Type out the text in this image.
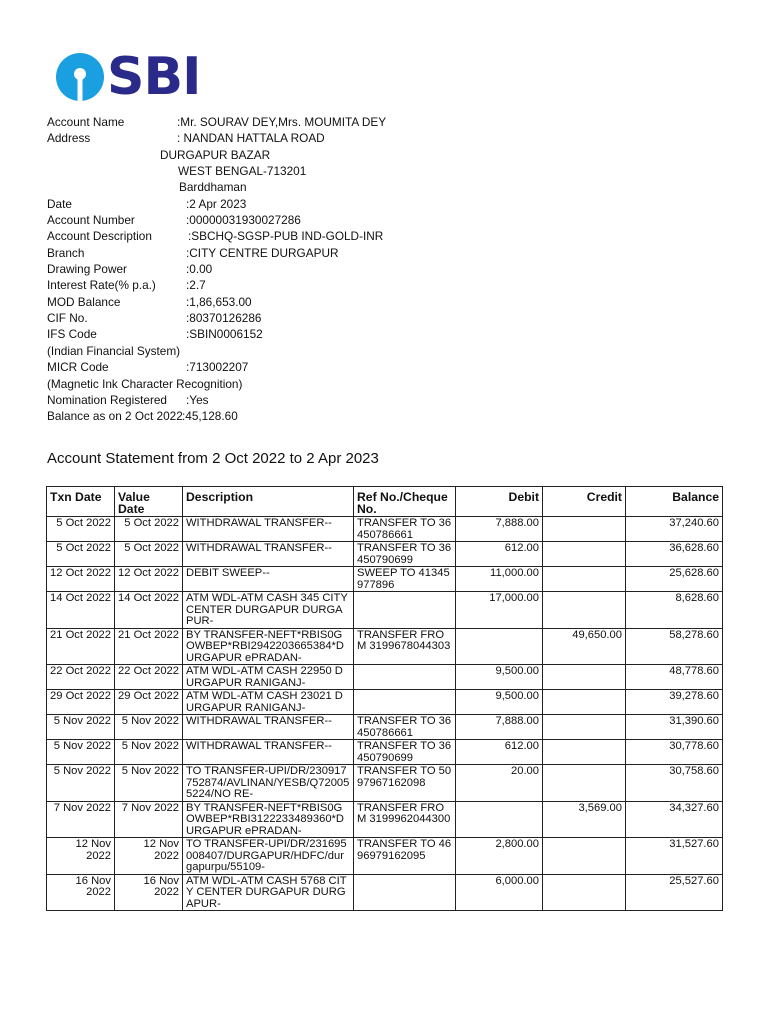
SBI
Account Name	:Mr. SOURAV DEY,Mrs. MOUMITA DEY
Address	: NANDAN HATTALA ROAD
DURGAPUR BAZAR
WEST BENGAL-713201
Barddhaman
Date	:2 Apr 2023
Account Number	:00000031930027286
Account Description	:SBCHQ-SGSP-PUB IND-GOLD-INR
Branch	:CITY CENTRE DURGAPUR
Drawing Power	:0.00
Interest Rate(% p.a.)	:2.7
MOD Balance	:1,86,653.00
CIF No.	:80370126286
IFS Code	:SBIN0006152
(Indian Financial System)
MICR Code	:713002207
(Magnetic Ink Character Recognition)
Nomination Registered :Yes
Balance as on 2 Oct 2022 :45,128.60
Account Statement from 2 Oct 2022 to 2 Apr 2023
Txn Date	Value Date	Description	Ref No./Cheque No.	Debit	Credit	Balance
5 Oct 2022	5 Oct 2022	WITHDRAWAL TRANSFER--	TRANSFER TO 36450786661	7,888.00		37,240.60
5 Oct 2022	5 Oct 2022	WITHDRAWAL TRANSFER--	TRANSFER TO 36450790699	612.00		36,628.60
12 Oct 2022	12 Oct 2022	DEBIT SWEEP--	SWEEP TO 41345977896	11,000.00		25,628.60
14 Oct 2022	14 Oct 2022	ATM WDL-ATM CASH 345 CITY CENTER DURGAPUR DURGAPUR-		17,000.00		8,628.60
21 Oct 2022	21 Oct 2022	BY TRANSFER-NEFT*RBIS0GOWBEP*RBI2942203665384*DURGAPUR ePRADAN-	TRANSFER FROM 3199678044303		49,650.00	58,278.60
22 Oct 2022	22 Oct 2022	ATM WDL-ATM CASH 22950 DURGAPUR RANIGANJ-		9,500.00		48,778.60
29 Oct 2022	29 Oct 2022	ATM WDL-ATM CASH 23021 DURGAPUR RANIGANJ-		9,500.00		39,278.60
5 Nov 2022	5 Nov 2022	WITHDRAWAL TRANSFER--	TRANSFER TO 36450786661	7,888.00		31,390.60
5 Nov 2022	5 Nov 2022	WITHDRAWAL TRANSFER--	TRANSFER TO 36450790699	612.00		30,778.60
5 Nov 2022	5 Nov 2022	TO TRANSFER-UPI/DR/230917752874/AVLINAN/YESB/Q720055224/NO RE-	TRANSFER TO 5097967162098	20.00		30,758.60
7 Nov 2022	7 Nov 2022	BY TRANSFER-NEFT*RBIS0GOWBEP*RBI3122233489360*DURGAPUR ePRADAN-	TRANSFER FROM 3199962044300		3,569.00	34,327.60
12 Nov 2022	12 Nov 2022	TO TRANSFER-UPI/DR/231695008407/DURGAPUR/HDFC/durgapurpu/55109-	TRANSFER TO 4696979162095	2,800.00		31,527.60
16 Nov 2022	16 Nov 2022	ATM WDL-ATM CASH 5768 CITY CENTER DURGAPUR DURGAPUR-		6,000.00		25,527.60
